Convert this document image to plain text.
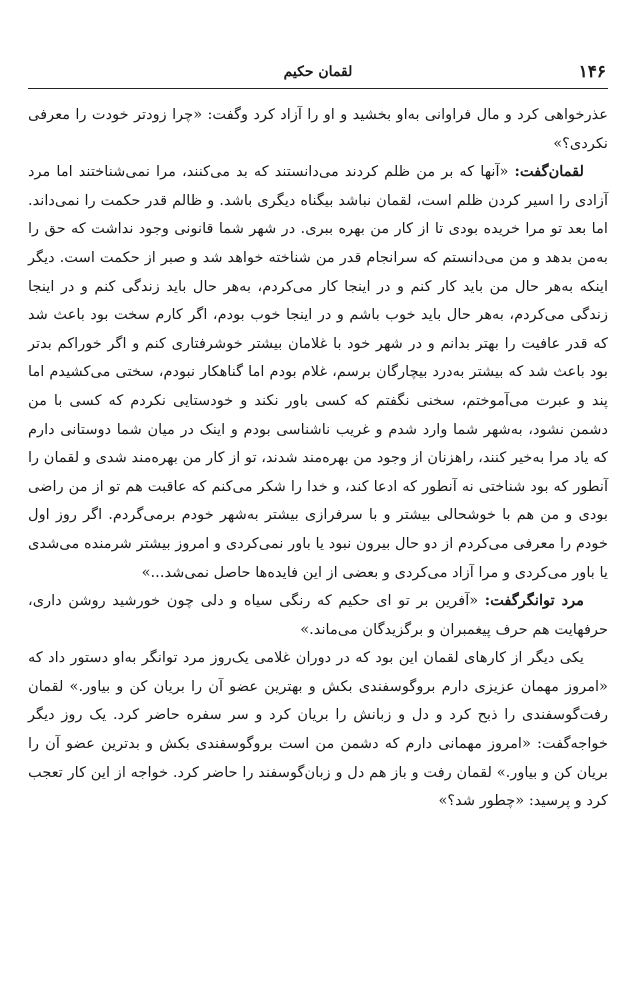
۱۴۶
لقمان حکیم

عذرخواهی کرد و مال فراوانی به‌او بخشید و او را آزاد کرد وگفت: «چرا زودتر خودت را معرفی نکردی؟»

لقمان‌گفت: «آنها که بر من ظلم کردند می‌دانستند که بد می‌کنند، مرا نمی‌شناختند اما مرد آزادی را اسیر کردن ظلم است، لقمان نباشد بیگناه دیگری باشد. و ظالم قدر حکمت را نمی‌داند. اما بعد تو مرا خریده بودی تا از کار من بهره ببری. در شهر شما قانونی وجود نداشت که حق را به‌من بدهد و من می‌دانستم که سرانجام قدر من شناخته خواهد شد و صبر از حکمت است. دیگر اینکه به‌هر حال من باید کار کنم و در اینجا کار می‌کردم، به‌هر حال باید زندگی کنم و در اینجا زندگی می‌کردم، به‌هر حال باید خوب باشم و در اینجا خوب بودم، اگر کارم سخت بود باعث شد که قدر عافیت را بهتر بدانم و در شهر خود با غلامان بیشتر خوشرفتاری کنم و اگر خوراکم بدتر بود باعث شد که بیشتر به‌درد بیچارگان برسم، غلام بودم اما گناهکار نبودم، سختی می‌کشیدم اما پند و عبرت می‌آموختم، سخنی نگفتم که کسی باور نکند و خودستایی نکردم که کسی با من دشمن نشود، به‌شهر شما وارد شدم و غریب ناشناسی بودم و اینک در میان شما دوستانی دارم که یاد مرا به‌خیر کنند، راهزنان از وجود من بهره‌مند شدند، تو از کار من بهره‌مند شدی و لقمان را آنطور که بود شناختی نه آنطور که ادعا کند، و خدا را شکر می‌کنم که عاقبت هم تو از من راضی بودی و من هم با خوشحالی بیشتر و با سرفرازی بیشتر به‌شهر خودم برمی‌گردم. اگر روز اول خودم را معرفی می‌کردم از دو حال بیرون نبود یا باور نمی‌کردی و امروز بیشتر شرمنده می‌شدی یا باور می‌کردی و مرا آزاد می‌کردی و بعضی از این فایده‌ها حاصل نمی‌شد...»

مرد توانگرگفت: «آفرین بر تو ای حکیم که رنگی سیاه و دلی چون خورشید روشن داری، حرفهایت هم حرف پیغمبران و برگزیدگان می‌ماند.»

یکی دیگر از کارهای لقمان این بود که در دوران غلامی یک‌روز مرد توانگر به‌او دستور داد که «امروز مهمان عزیزی دارم بروگوسفندی بکش و بهترین عضو آن را بریان کن و بیاور.» لقمان رفت‌گوسفندی را ذبح کرد و دل و زبانش را بریان کرد و سر سفره حاضر کرد. یک روز دیگر خواجه‌گفت: «امروز مهمانی دارم که دشمن من است بروگوسفندی بکش و بدترین عضو آن را بریان کن و بیاور.» لقمان رفت و باز هم دل و زبان‌گوسفند را حاضر کرد. خواجه از این کار تعجب کرد و پرسید: «چطور شد؟»
